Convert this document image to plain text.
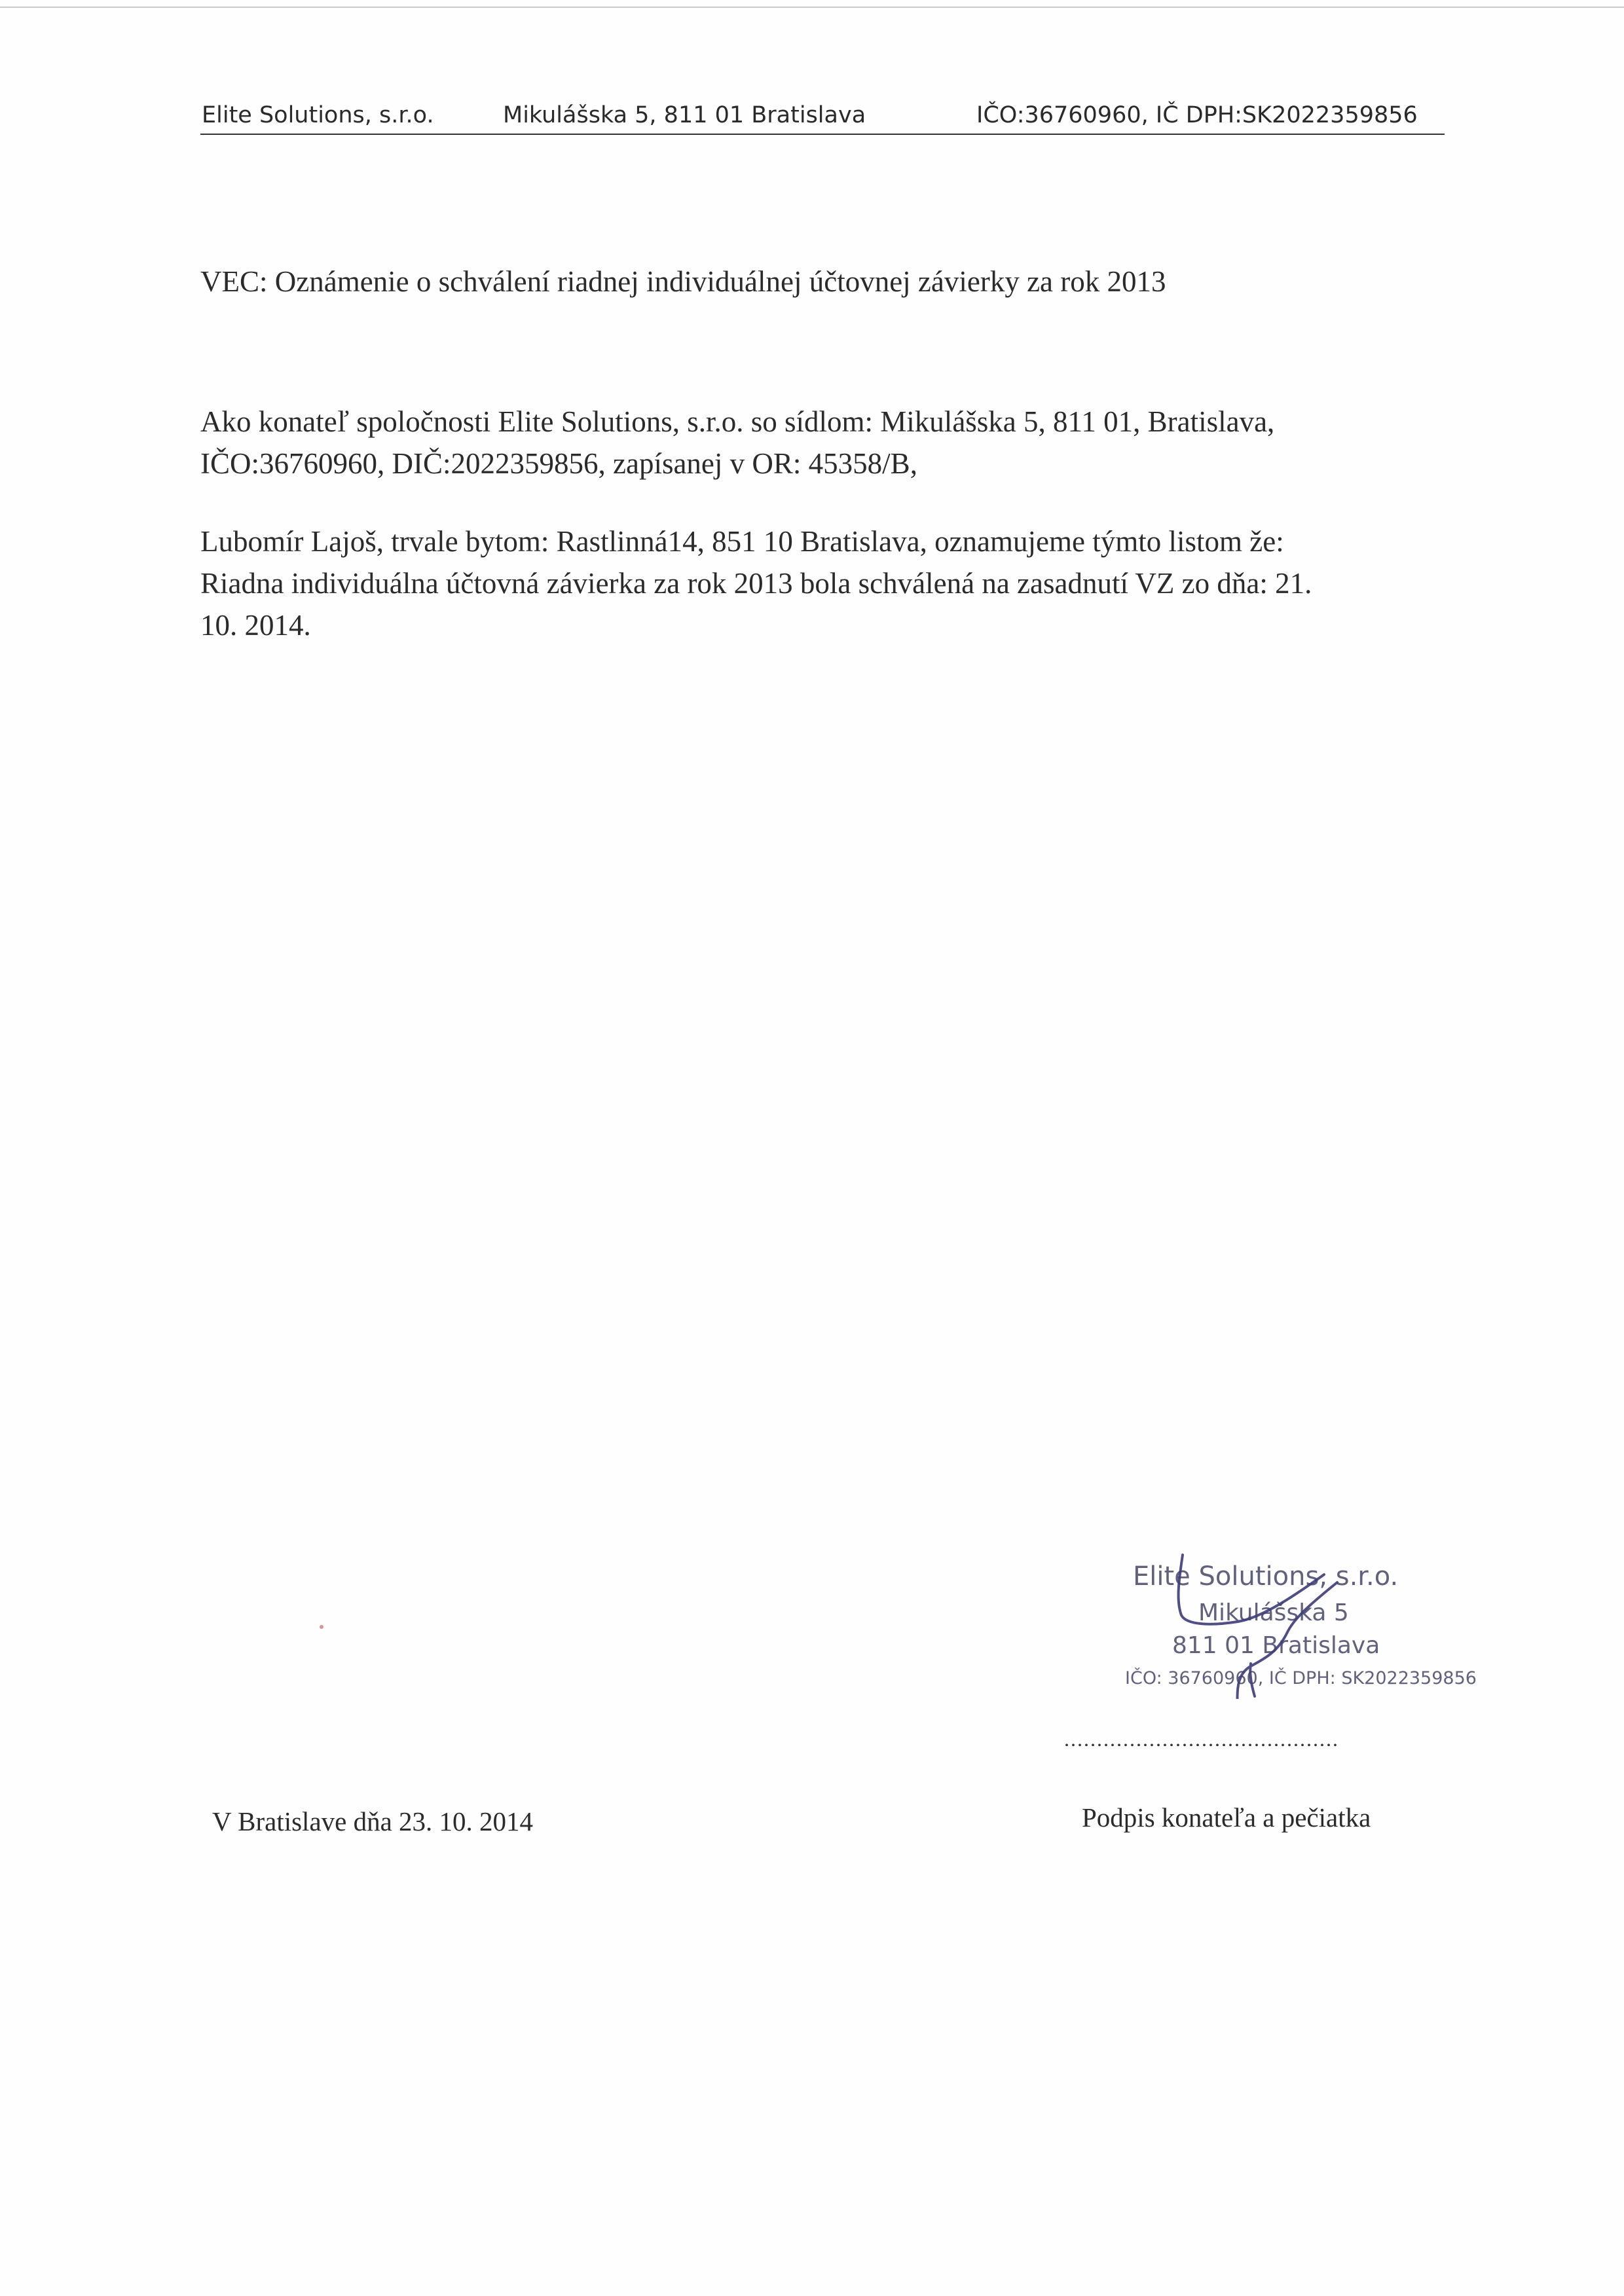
Elite Solutions, s.r.o.	Mikulášska 5, 811 01 Bratislava	IČO:36760960, IČ DPH:SK2022359856
VEC: Oznámenie o schválení riadnej individuálnej účtovnej závierky za rok 2013

Ako konateľ spoločnosti Elite Solutions, s.r.o. so sídlom: Mikulášska 5, 811 01, Bratislava,

IČO:36760960, DIČ:2022359856, zapísanej v OR: 45358/B,

Lubomír Lajoš, trvale bytom: Rastlinná14, 851 10 Bratislava, oznamujeme týmto listom že:

Riadna individuálna účtovná závierka za rok 2013 bola schválená na zasadnutí VZ zo dňa: 21.

10. 2014.

Elite Solutions, s.r.o.
Mikulášska 5
811 01 Bratislava
IČO: 36760960, IČ DPH: SK2022359856
..........................................
Podpis konateľa a pečiatka
V Bratislave dňa 23. 10. 2014
